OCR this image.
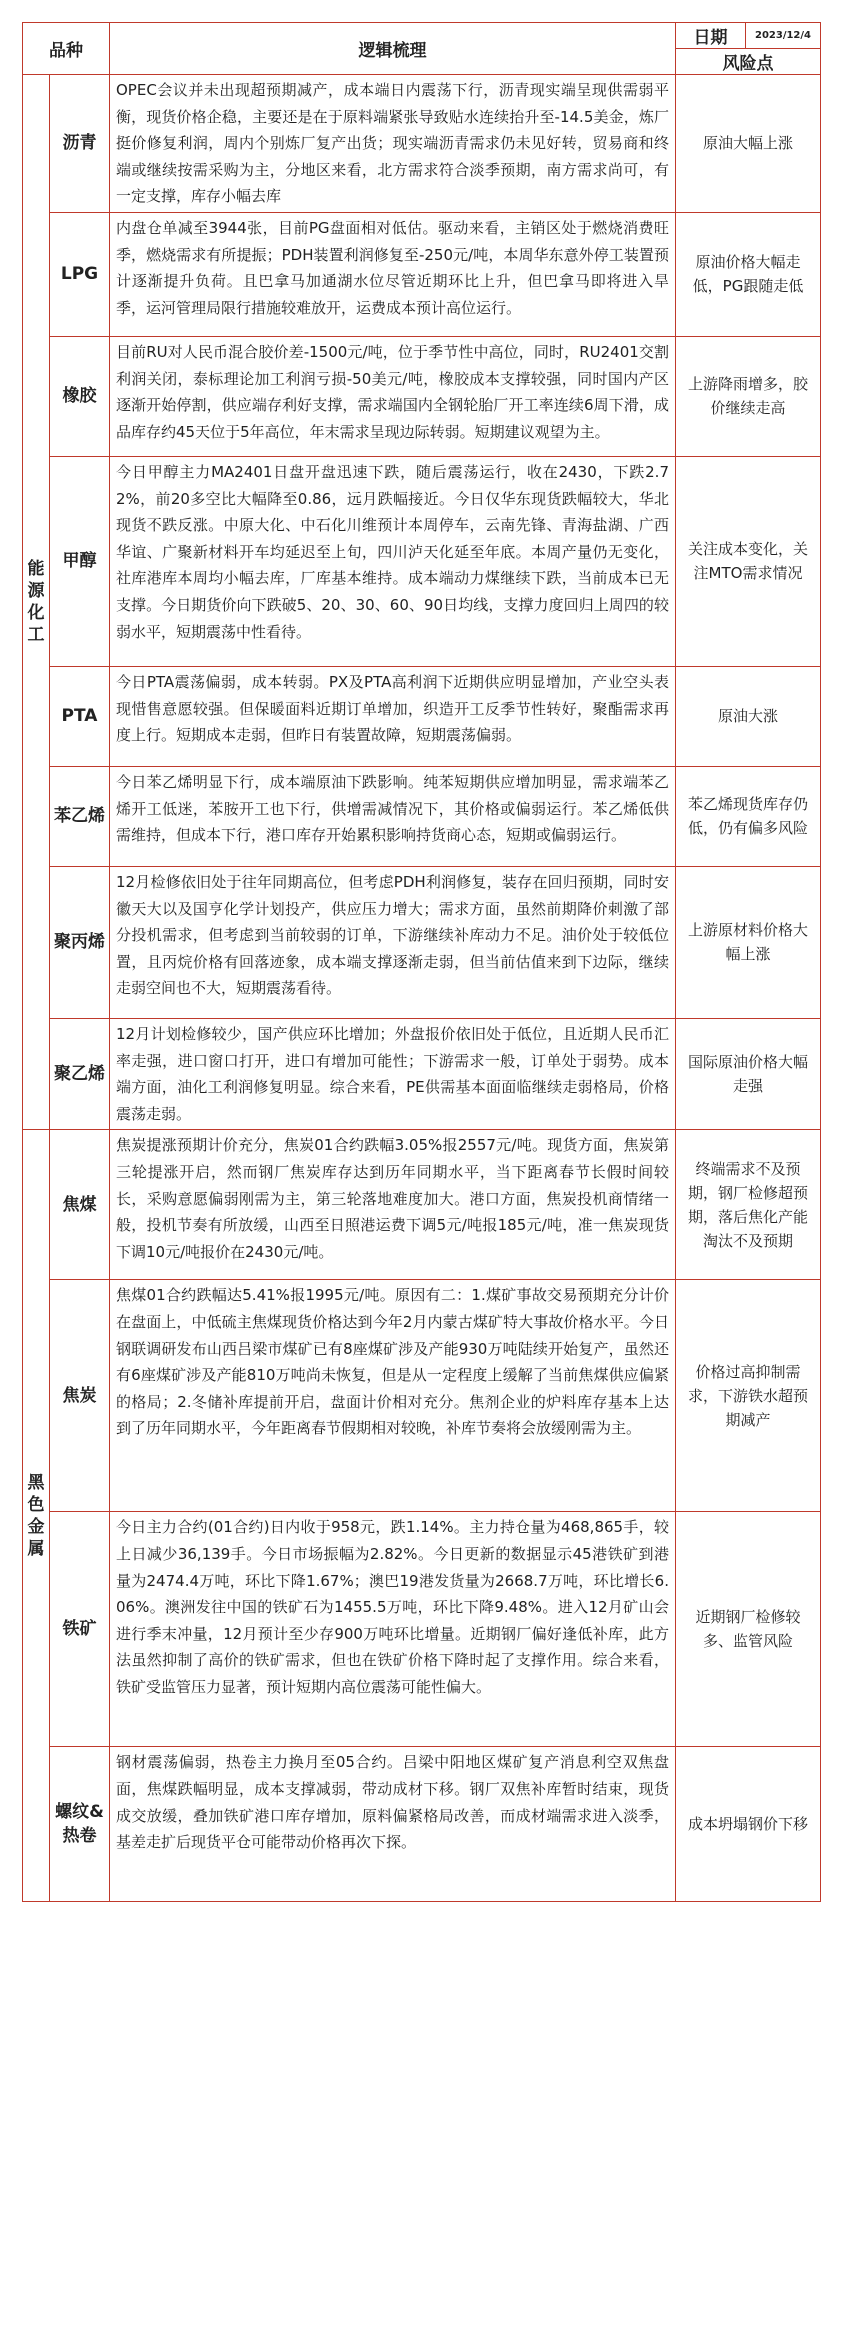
品种		逻辑梳理	日期	2023/12/4
			风险点	

能
源
化
工	沥青	OPEC会议并未出现超预期减产，成本端日内震荡下行，沥青现实端呈现供需弱平衡，现货价格企稳，主要还是在于原料端紧张导致贴水连续抬升至-14.5美金，炼厂挺价修复利润，周内个别炼厂复产出货；现实端沥青需求仍未见好转，贸易商和终端或继续按需采购为主，分地区来看，北方需求符合淡季预期，南方需求尚可，有一定支撑，库存小幅去库	原油大幅上涨	
	LPG	内盘仓单减至3944张，目前PG盘面相对低估。驱动来看，主销区处于燃烧消费旺季，燃烧需求有所提振；PDH装置利润修复至-250元/吨，本周华东意外停工装置预计逐渐提升负荷。且巴拿马加通湖水位尽管近期环比上升，但巴拿马即将进入旱季，运河管理局限行措施较难放开，运费成本预计高位运行。	原油价格大幅走低，PG跟随走低	
	橡胶	目前RU对人民币混合胶价差-1500元/吨，位于季节性中高位，同时，RU2401交割利润关闭，泰标理论加工利润亏损-50美元/吨，橡胶成本支撑较强，同时国内产区逐渐开始停割，供应端存利好支撑，需求端国内全钢轮胎厂开工率连续6周下滑，成品库存约45天位于5年高位，年末需求呈现边际转弱。短期建议观望为主。	上游降雨增多，胶价继续走高	
	甲醇	今日甲醇主力MA2401日盘开盘迅速下跌，随后震荡运行，收在2430，下跌2.72%，前20多空比大幅降至0.86，远月跌幅接近。今日仅华东现货跌幅较大，华北现货不跌反涨。中原大化、中石化川维预计本周停车，云南先锋、青海盐湖、广西华谊、广聚新材料开车均延迟至上旬，四川泸天化延至年底。本周产量仍无变化，社库港库本周均小幅去库，厂库基本维持。成本端动力煤继续下跌，当前成本已无支撑。今日期货价向下跌破5、20、30、60、90日均线，支撑力度回归上周四的较弱水平，短期震荡中性看待。	关注成本变化，关注MTO需求情况	
	PTA	今日PTA震荡偏弱，成本转弱。PX及PTA高利润下近期供应明显增加，产业空头表现惜售意愿较强。但保暖面料近期订单增加，织造开工反季节性转好，聚酯需求再度上行。短期成本走弱，但昨日有装置故障，短期震荡偏弱。	原油大涨	
	苯乙烯	今日苯乙烯明显下行，成本端原油下跌影响。纯苯短期供应增加明显，需求端苯乙烯开工低迷，苯胺开工也下行，供增需减情况下，其价格或偏弱运行。苯乙烯低供需维持，但成本下行，港口库存开始累积影响持货商心态，短期或偏弱运行。	苯乙烯现货库存仍低，仍有偏多风险	
	聚丙烯	12月检修依旧处于往年同期高位，但考虑PDH利润修复，装存在回归预期，同时安徽天大以及国亨化学计划投产，供应压力增大；需求方面，虽然前期降价刺激了部分投机需求，但考虑到当前较弱的订单，下游继续补库动力不足。油价处于较低位置，且丙烷价格有回落迹象，成本端支撑逐渐走弱，但当前估值来到下边际，继续走弱空间也不大，短期震荡看待。	上游原材料价格大幅上涨	
	聚乙烯	12月计划检修较少，国产供应环比增加；外盘报价依旧处于低位，且近期人民币汇率走强，进口窗口打开，进口有增加可能性；下游需求一般，订单处于弱势。成本端方面，油化工利润修复明显。综合来看，PE供需基本面面临继续走弱格局，价格震荡走弱。	国际原油价格大幅走强	

黑
色
金
属	焦煤	焦炭提涨预期计价充分，焦炭01合约跌幅3.05%报2557元/吨。现货方面，焦炭第三轮提涨开启，然而钢厂焦炭库存达到历年同期水平，当下距离春节长假时间较长，采购意愿偏弱刚需为主，第三轮落地难度加大。港口方面，焦炭投机商情绪一般，投机节奏有所放缓，山西至日照港运费下调5元/吨报185元/吨，准一焦炭现货下调10元/吨报价在2430元/吨。	终端需求不及预期，钢厂检修超预期，落后焦化产能淘汰不及预期	
	焦炭	焦煤01合约跌幅达5.41%报1995元/吨。原因有二：1.煤矿事故交易预期充分计价在盘面上，中低硫主焦煤现货价格达到今年2月内蒙古煤矿特大事故价格水平。今日钢联调研发布山西吕梁市煤矿已有8座煤矿涉及产能930万吨陆续开始复产，虽然还有6座煤矿涉及产能810万吨尚未恢复，但是从一定程度上缓解了当前焦煤供应偏紧的格局；2.冬储补库提前开启，盘面计价相对充分。焦剂企业的炉料库存基本上达到了历年同期水平，今年距离春节假期相对较晚，补库节奏将会放缓刚需为主。	价格过高抑制需求，下游铁水超预期减产	
	铁矿	今日主力合约(01合约)日内收于958元，跌1.14%。主力持仓量为468,865手，较上日减少36,139手。今日市场振幅为2.82%。今日更新的数据显示45港铁矿到港量为2474.4万吨，环比下降1.67%；澳巴19港发货量为2668.7万吨，环比增长6.06%。澳洲发往中国的铁矿石为1455.5万吨，环比下降9.48%。进入12月矿山会进行季末冲量，12月预计至少存900万吨环比增量。近期钢厂偏好逢低补库，此方法虽然抑制了高价的铁矿需求，但也在铁矿价格下降时起了支撑作用。综合来看，铁矿受监管压力显著，预计短期内高位震荡可能性偏大。	近期钢厂检修较多、监管风险	
	螺纹&热卷	钢材震荡偏弱，热卷主力换月至05合约。吕梁中阳地区煤矿复产消息利空双焦盘面，焦煤跌幅明显，成本支撑减弱，带动成材下移。钢厂双焦补库暂时结束，现货成交放缓，叠加铁矿港口库存增加，原料偏紧格局改善，而成材端需求进入淡季，基差走扩后现货平仓可能带动价格再次下探。	成本坍塌钢价下移	
